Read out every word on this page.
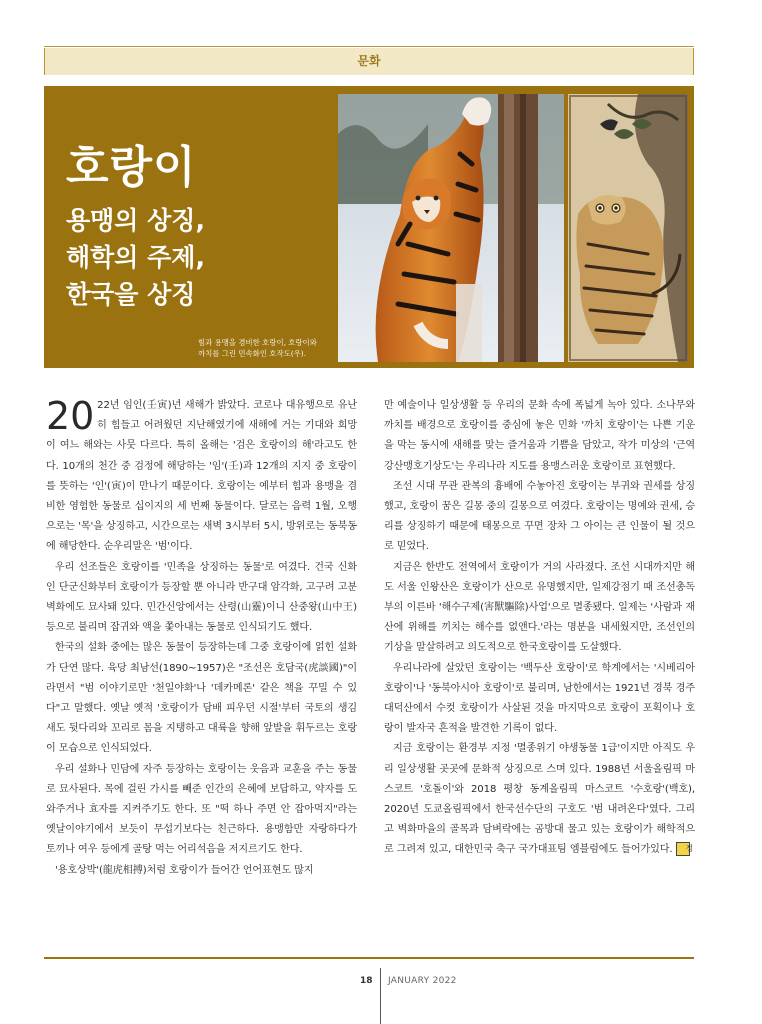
문화
호랑이
용맹의 상징,
해학의 주제,
한국을 상징
힘과 용맹을 겸비한 호랑이, 호랑이와
까치를 그린 민속화인 호작도(우).

20 22년 임인(壬寅)년 새해가 밝았다. 코로나 대유행으로 유난히 힘들고 어려웠던 지난해였기에 새해에 거는 기대와 희망이 여느 해와는 사뭇 다르다. 특히 올해는 '검은 호랑이의 해'라고도 한다. 10개의 천간 중 검정에 해당하는 '임'(壬)과 12개의 지지 중 호랑이를 뜻하는 '인'(寅)이 만나기 때문이다. 호랑이는 예부터 힘과 용맹을 겸비한 영험한 동물로 십이지의 세 번째 동물이다. 달로는 음력 1월, 오행으로는 '목'을 상징하고, 시간으로는 새벽 3시부터 5시, 방위로는 동북동에 해당한다. 순우리말은 '범'이다.

우리 선조들은 호랑이를 '민족을 상징하는 동물'로 여겼다. 건국 신화인 단군신화부터 호랑이가 등장할 뿐 아니라 반구대 암각화, 고구려 고분 벽화에도 묘사돼 있다. 민간신앙에서는 산령(山靈)이니 산중왕(山中王) 등으로 불리며 잡귀와 액을 쫓아내는 동물로 인식되기도 했다.

한국의 설화 중에는 많은 동물이 등장하는데 그중 호랑이에 얽힌 설화가 단연 많다. 육당 최남선(1890~1957)은 "조선은 호담국(虎談國)"이라면서 "범 이야기로만 '천일야화'나 '데카메론' 같은 책을 꾸밀 수 있다"고 말했다. 옛날 옛적 '호랑이가 담배 피우던 시절'부터 국토의 생김새도 뒷다리와 꼬리로 몸을 지탱하고 대륙을 향해 앞발을 휘두르는 호랑이 모습으로 인식되었다.

우리 설화나 민담에 자주 등장하는 호랑이는 웃음과 교훈을 주는 동물로 묘사된다. 목에 걸린 가시를 빼준 인간의 은혜에 보답하고, 약자를 도와주거나 효자를 지켜주기도 한다. 또 "떡 하나 주면 안 잡아먹지"라는 옛날이야기에서 보듯이 무섭기보다는 친근하다. 용맹함만 자랑하다가 토끼나 여우 등에게 골탕 먹는 어리석음을 저지르기도 한다.

'용호상박'(龍虎相搏)처럼 호랑이가 들어간 언어표현도 많지

만 예술이나 일상생활 등 우리의 문화 속에 폭넓게 녹아 있다. 소나무와 까치를 배경으로 호랑이를 중심에 놓은 민화 '까치 호랑이'는 나쁜 기운을 막는 동시에 새해를 맞는 즐거움과 기쁨을 담았고, 작가 미상의 '근역강산맹호기상도'는 우리나라 지도를 용맹스러운 호랑이로 표현했다.

조선 시대 무관 관복의 흉배에 수놓아진 호랑이는 부귀와 권세를 상징했고, 호랑이 꿈은 길몽 중의 길몽으로 여겼다. 호랑이는 명예와 권세, 승리를 상징하기 때문에 태몽으로 꾸면 장차 그 아이는 큰 인물이 될 것으로 믿었다.

지금은 한반도 전역에서 호랑이가 거의 사라졌다. 조선 시대까지만 해도 서울 인왕산은 호랑이가 산으로 유명했지만, 일제강점기 때 조선총독부의 이른바 '해수구제(害獸驅除)사업'으로 멸종됐다. 일제는 '사람과 재산에 위해를 끼치는 해수를 없앤다.'라는 명분을 내세웠지만, 조선인의 기상을 말살하려고 의도적으로 한국호랑이를 도살했다.

우리나라에 살았던 호랑이는 '백두산 호랑이'로 학계에서는 '시베리아 호랑이'나 '동북아시아 호랑이'로 불리며, 남한에서는 1921년 경북 경주 대덕산에서 수컷 호랑이가 사살된 것을 마지막으로 호랑이 포획이나 호랑이 발자국 흔적을 발견한 기록이 없다.

지금 호랑이는 환경부 지정 '멸종위기 야생동물 1급'이지만 아직도 우리 일상생활 곳곳에 문화적 상징으로 스며 있다. 1988년 서울올림픽 마스코트 '호돌이'와 2018 평창 동계올림픽 마스코트 '수호랑'(백호), 2020년 도쿄올림픽에서 한국선수단의 구호도 '범 내려온다'였다. 그리고 벽화마을의 골목과 담벼락에는 곰방대 물고 있는 호랑이가 해학적으로 그려져 있고, 대한민국 축구 국가대표팀 엠블럼에도 들어가있다. 정

18 JANUARY 2022
